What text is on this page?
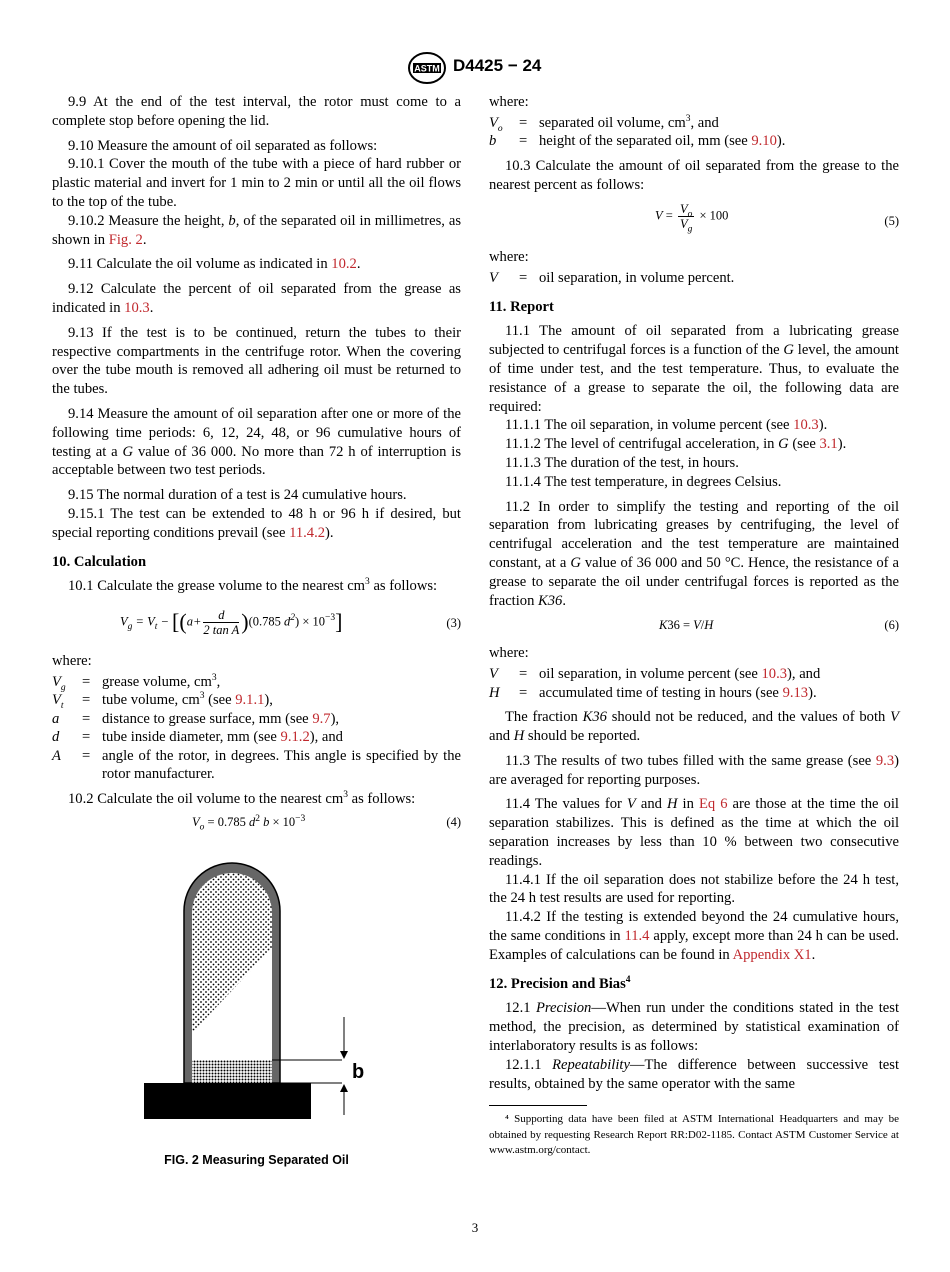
ASTM D4425 − 24

9.9 At the end of the test interval, the rotor must come to a complete stop before opening the lid.

9.10 Measure the amount of oil separated as follows:

9.10.1 Cover the mouth of the tube with a piece of hard rubber or plastic material and invert for 1 min to 2 min or until all the oil flows to the top of the tube.

9.10.2 Measure the height, b, of the separated oil in millimetres, as shown in Fig. 2.

9.11 Calculate the oil volume as indicated in 10.2.

9.12 Calculate the percent of oil separated from the grease as indicated in 10.3.

9.13 If the test is to be continued, return the tubes to their respective compartments in the centrifuge rotor. When the covering over the tube mouth is removed all adhering oil must be returned to the tubes.

9.14 Measure the amount of oil separation after one or more of the following time periods: 6, 12, 24, 48, or 96 cumulative hours of testing at a G value of 36 000. No more than 72 h of interruption is acceptable between two test periods.

9.15 The normal duration of a test is 24 cumulative hours.

9.15.1 The test can be extended to 48 h or 96 h if desired, but special reporting conditions prevail (see 11.4.2).

10. Calculation

10.1 Calculate the grease volume to the nearest $cm^3$ as follows:

$V_g = V_t - [(a+ \frac{d}{\text{2 tan A}} )(0.785$ $d^2) \times 10^{-3}$]	(3)

where:

$V_g$	=	grease volume, $cm^3$,
$V_t$	=	tube volume, $cm^3$ (see 9.1.1),
a	=	distance to grease surface, mm (see 9.7),
d	=	tube inside diameter, mm (see 9.1.2), and
A	=	angle of the rotor, in degrees. This angle is specified by the rotor manufacturer.

10.2 Calculate the oil volume to the nearest $cm^3$ as follows:

$V_o = 0.785$ $d^2$ $b \times 10^{-3}$	(4)
b
FIG. 2 Measuring Separated Oil

where:

$V_o$	=	separated oil volume, $cm^3$, and
b	=	height of the separated oil, mm (see 9.10).

10.3 Calculate the amount of oil separated from the grease to the nearest percent as follows:

$V = \frac{V_o}{V_g} \times 100$	(5)

where:

V	=	oil separation, in volume percent.
11. Report

11.1 The amount of oil separated from a lubricating grease subjected to centrifugal forces is a function of the G level, the amount of time under test, and the test temperature. Thus, to evaluate the resistance of a grease to separate the oil, the following data are required:

11.1.1 The oil separation, in volume percent (see 10.3).

11.1.2 The level of centrifugal acceleration, in G (see 3.1).

11.1.3 The duration of the test, in hours.

11.1.4 The test temperature, in degrees Celsius.

11.2 In order to simplify the testing and reporting of the oil separation from lubricating greases by centrifuging, the level of centrifugal acceleration and the test temperature are maintained constant, at a G value of 36 000 and 50 °C. Hence, the resistance of a grease to separate the oil under centrifugal forces is reported as the fraction K36.

K36 = V/H	(6)

where:

V	=	oil separation, in volume percent (see 10.3), and
H	=	accumulated time of testing in hours (see 9.13).

The fraction K36 should not be reduced, and the values of both V and H should be reported.

11.3 The results of two tubes filled with the same grease (see 9.3) are averaged for reporting purposes.

11.4 The values for V and H in Eq 6 are those at the time the oil separation stabilizes. This is defined as the time at which the oil separation increases by less than 10 % between two consecutive readings.

11.4.1 If the oil separation does not stabilize before the 24 h test, the 24 h test results are used for reporting.

11.4.2 If the testing is extended beyond the 24 cumulative hours, the same conditions in 11.4 apply, except more than 24 h can be used. Examples of calculations can be found in Appendix X1.

12. Precision and Bias$^4$

12.1 Precision—When run under the conditions stated in the test method, the precision, as determined by statistical examination of interlaboratory results is as follows:

12.1.1 Repeatability—The difference between successive test results, obtained by the same operator with the same

⁴ Supporting data have been filed at ASTM International Headquarters and may be obtained by requesting Research Report RR:D02-1185. Contact ASTM Customer Service at www.astm.org/contact.
3
